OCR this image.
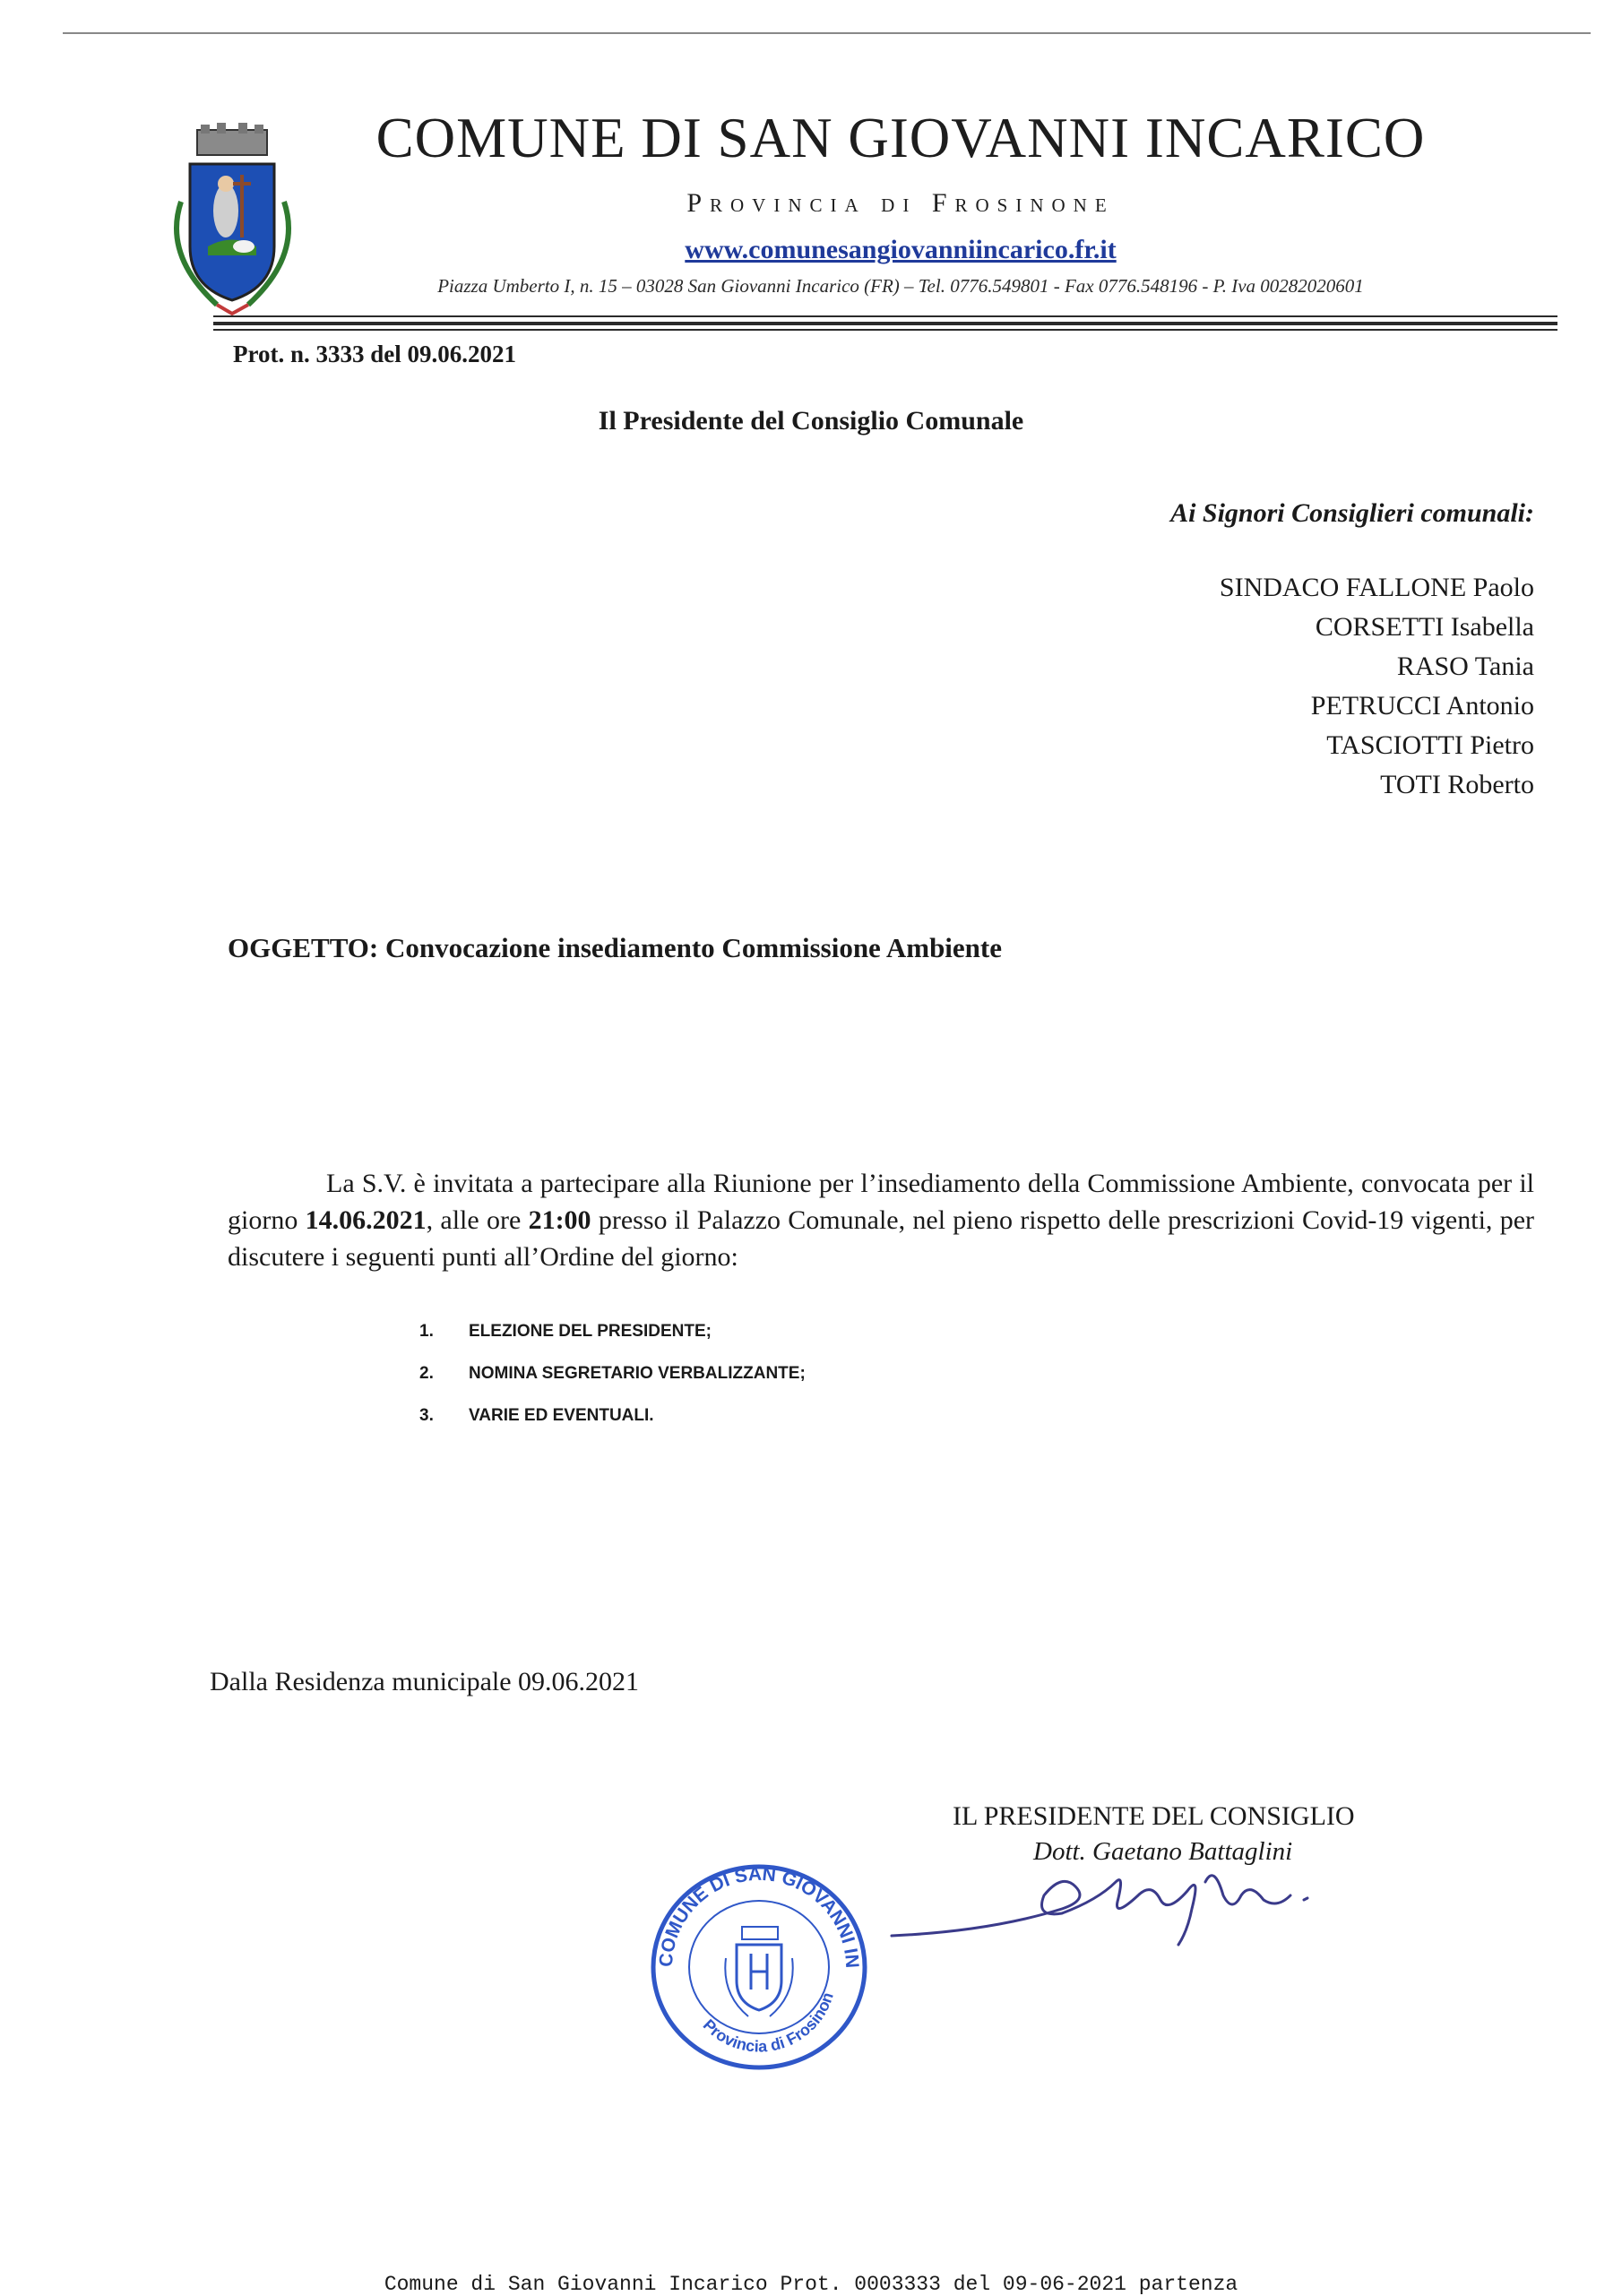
COMUNE DI SAN GIOVANNI INCARICO
Provincia di Frosinone
www.comunesangiovanniincarico.fr.it
Piazza Umberto I, n. 15 – 03028 San Giovanni Incarico (FR) – Tel. 0776.549801 - Fax 0776.548196 - P. Iva 00282020601
Prot. n. 3333 del 09.06.2021
Il Presidente del Consiglio Comunale
Ai Signori Consiglieri comunali:
SINDACO FALLONE Paolo
CORSETTI Isabella
RASO Tania
PETRUCCI Antonio
TASCIOTTI Pietro
TOTI Roberto
OGGETTO: Convocazione insediamento Commissione Ambiente
La S.V. è invitata a partecipare alla Riunione per l’insediamento della Commissione Ambiente, convocata per il giorno 14.06.2021, alle ore 21:00 presso il Palazzo Comunale, nel pieno rispetto delle prescrizioni Covid-19 vigenti, per discutere i seguenti punti all’Ordine del giorno:
1. ELEZIONE DEL PRESIDENTE;
2. NOMINA SEGRETARIO VERBALIZZANTE;
3. VARIE ED EVENTUALI.
Dalla Residenza municipale 09.06.2021
IL PRESIDENTE DEL CONSIGLIO
Dott. Gaetano Battaglini
COMUNE DI SAN GIOVANNI IN
Provincia di Frosinon
Comune di San Giovanni Incarico Prot. 0003333 del 09-06-2021 partenza
